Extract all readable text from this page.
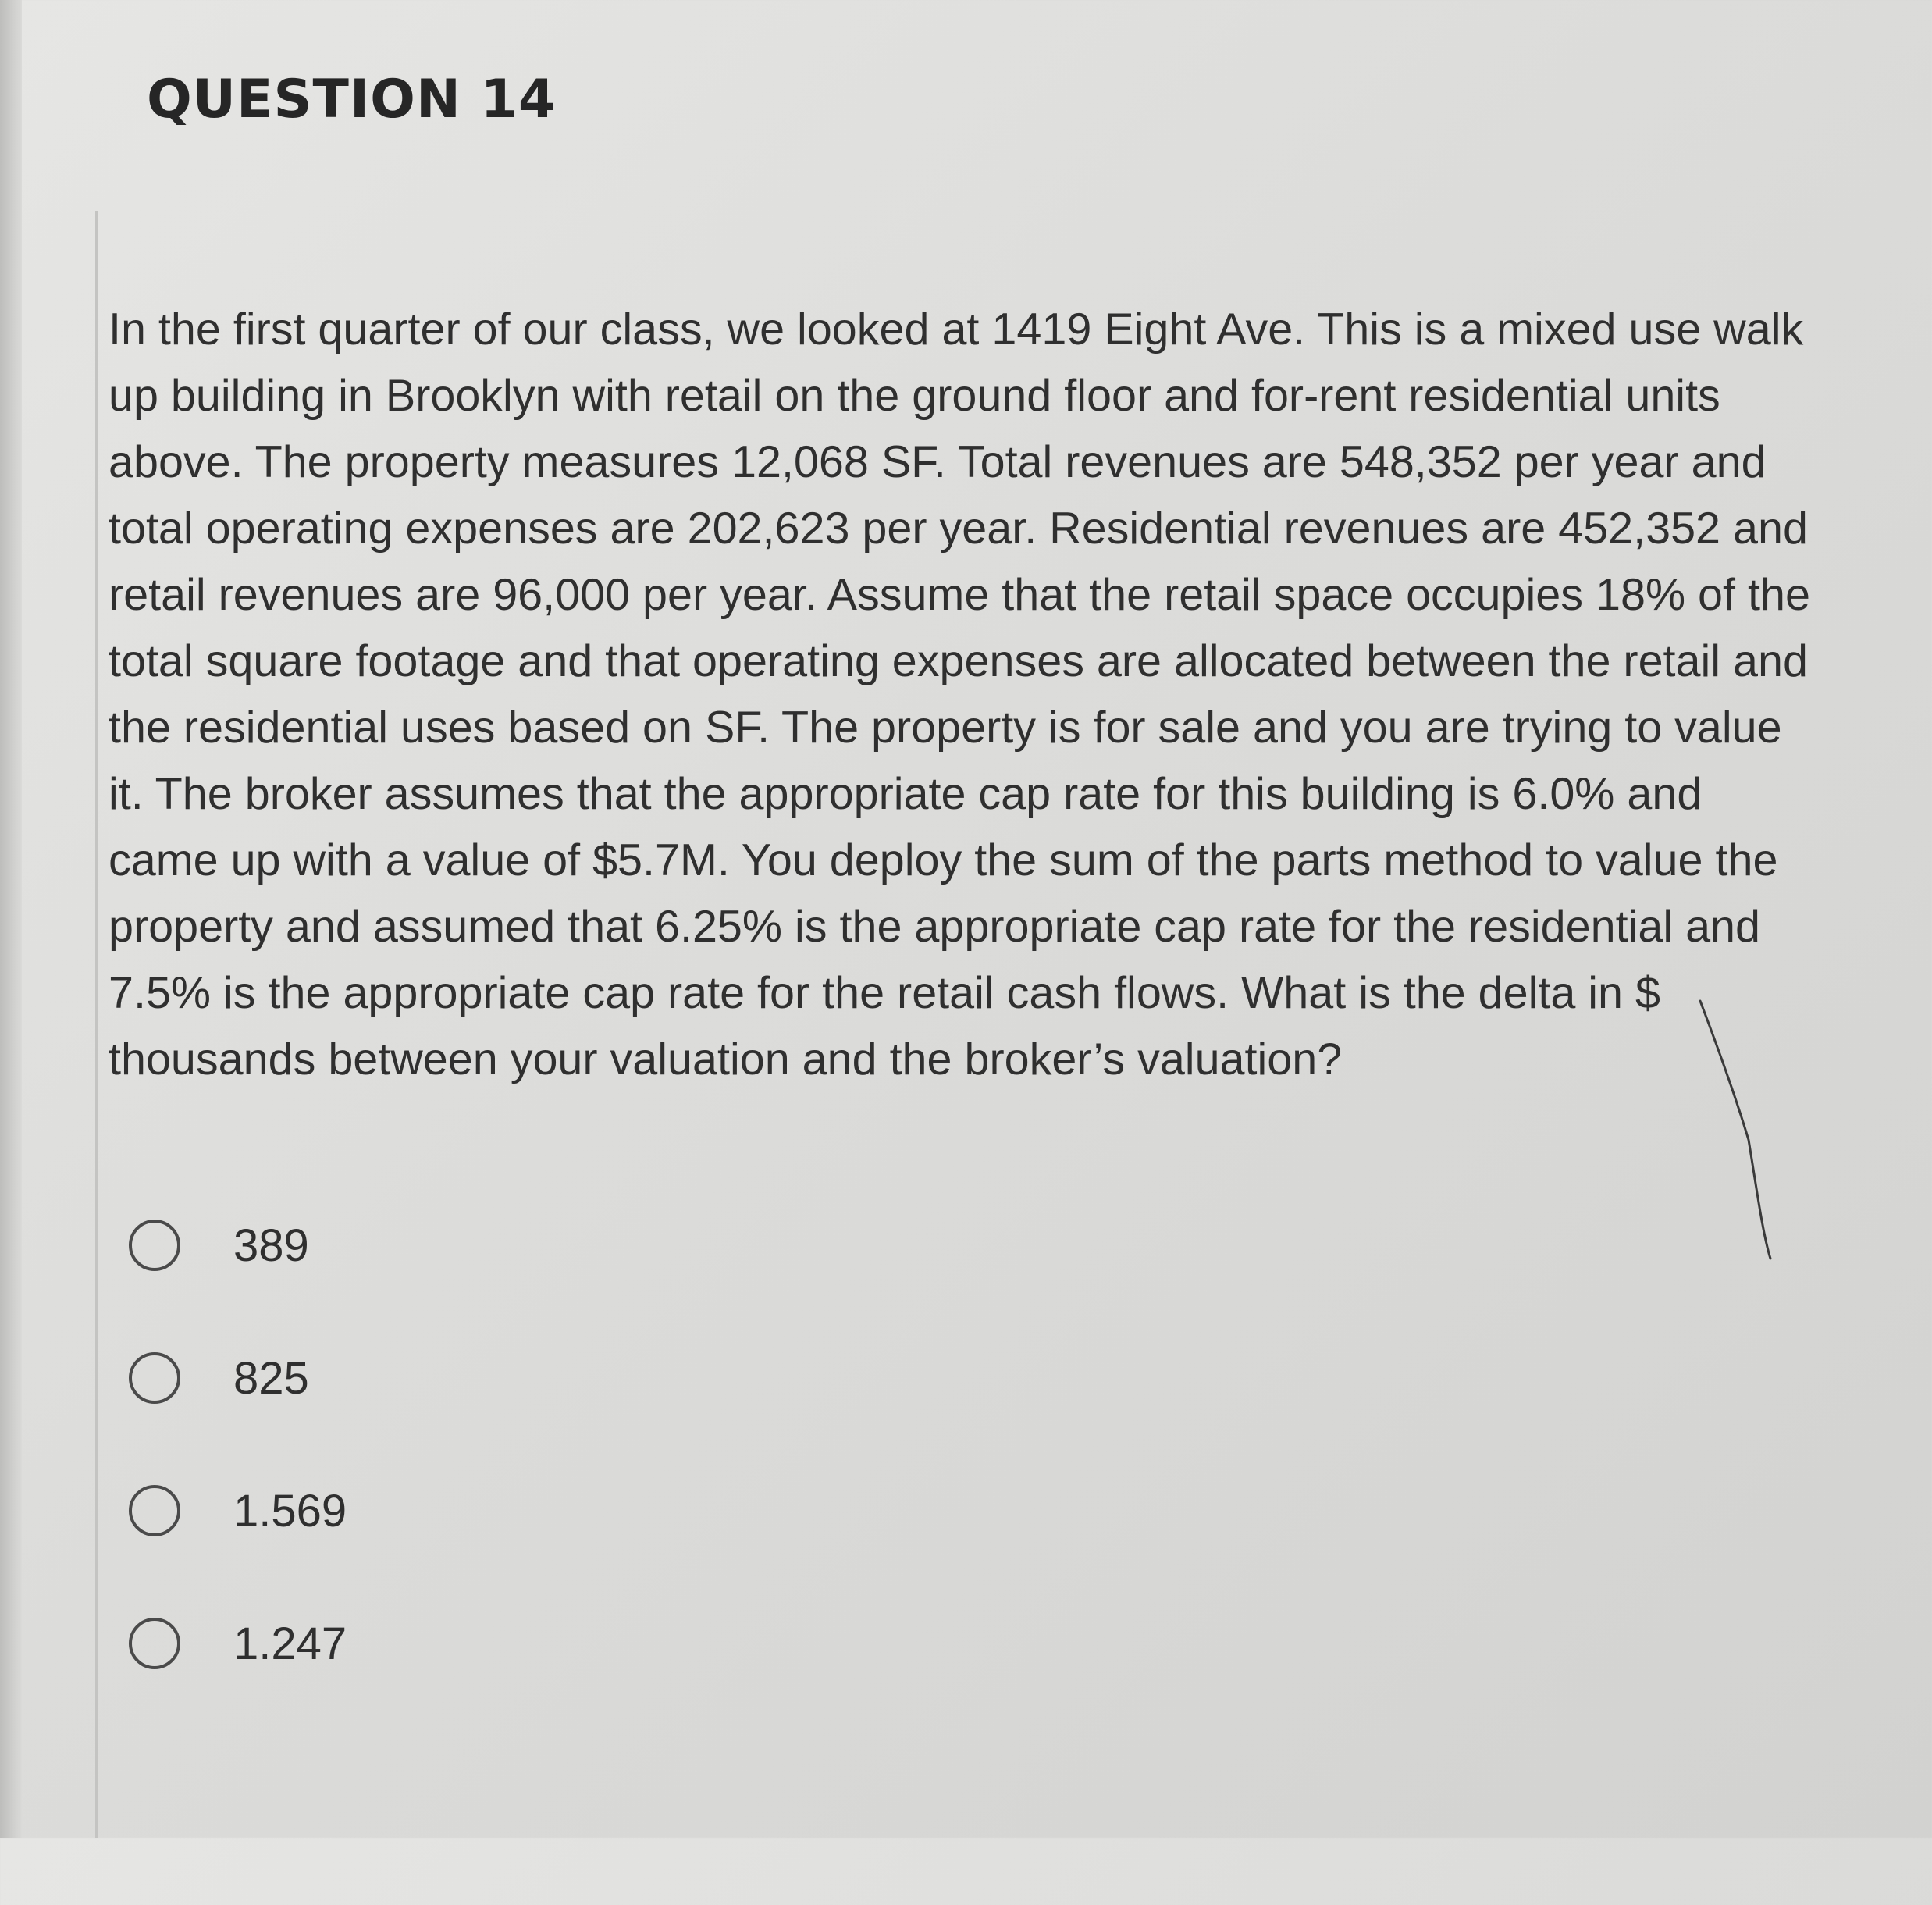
QUESTION 14

In the first quarter of our class, we looked at 1419 Eight Ave. This is a mixed use walk up building in Brooklyn with retail on the ground floor and for-rent residential units above. The property measures 12,068 SF. Total revenues are 548,352 per year and total operating expenses are 202,623 per year. Residential revenues are 452,352 and retail revenues are 96,000 per year. Assume that the retail space occupies 18% of the total square footage and that operating expenses are allocated between the retail and the residential uses based on SF. The property is for sale and you are trying to value it. The broker assumes that the appropriate cap rate for this building is 6.0% and came up with a value of $5.7M. You deploy the sum of the parts method to value the property and assumed that 6.25% is the appropriate cap rate for the residential and 7.5% is the appropriate cap rate for the retail cash flows. What is the delta in $ thousands between your valuation and the broker’s valuation?

389
825
1.569
1.247
